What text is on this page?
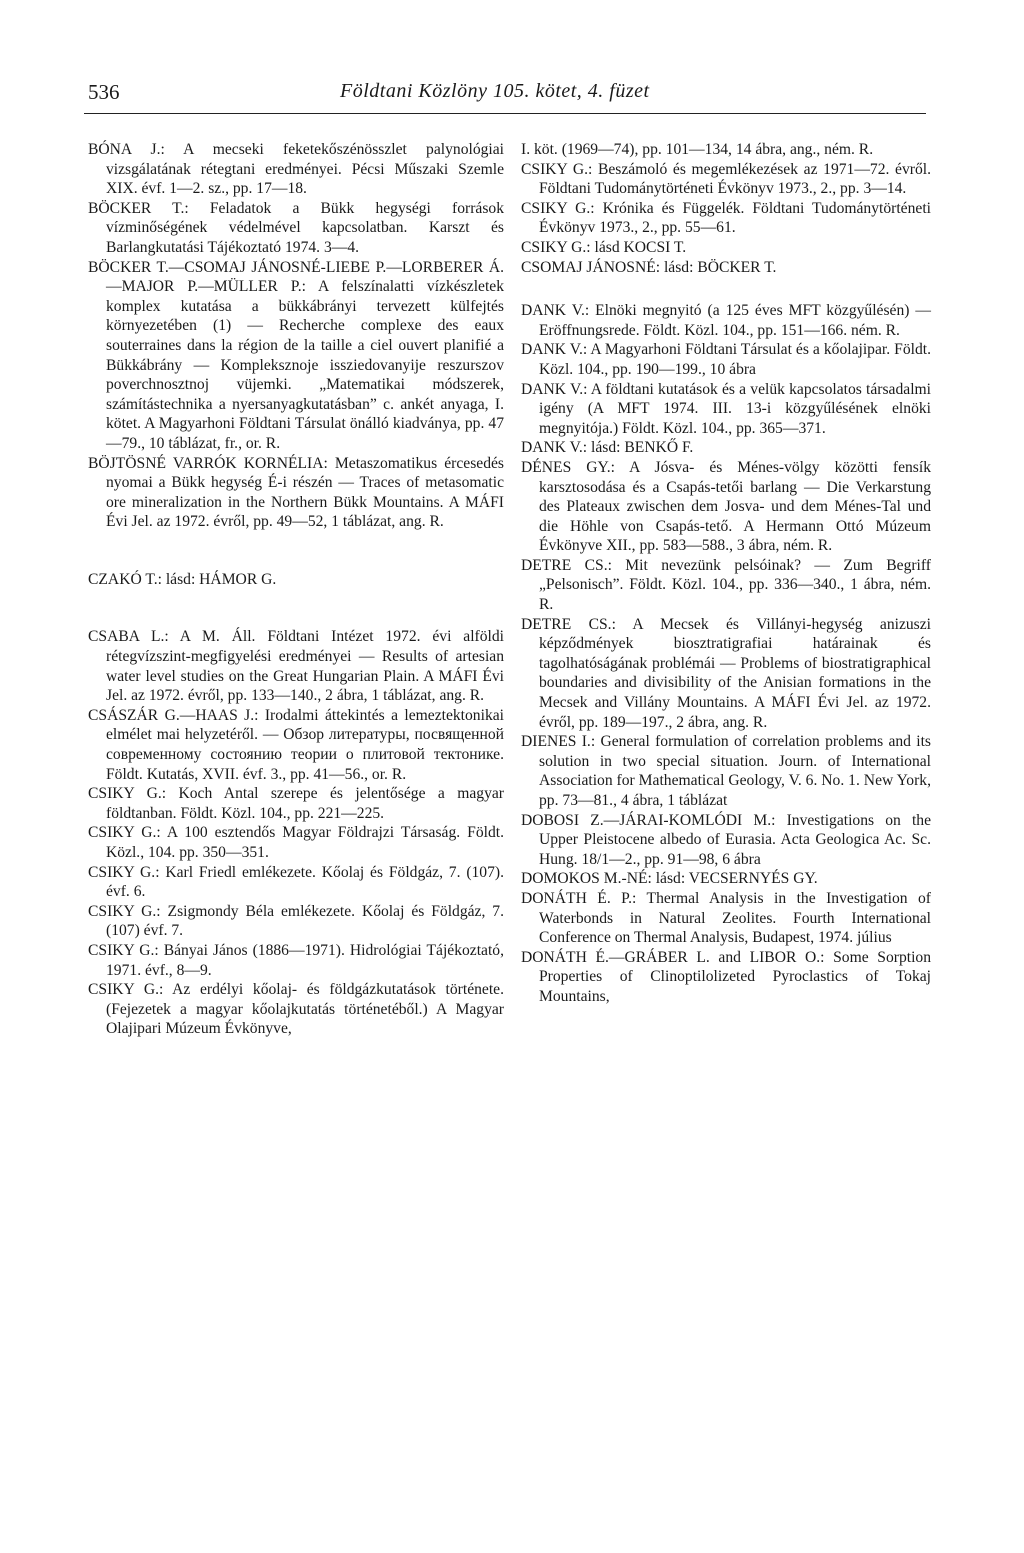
536	Földtani Közlöny 105. kötet, 4. füzet

BÓNA J.: A mecseki feketekőszénösszlet palynológiai vizsgálatának rétegtani eredményei. Pécsi Műszaki Szemle XIX. évf. 1—2. sz., pp. 17—18.

BÖCKER T.: Feladatok a Bükk hegységi források vízminőségének védelmével kapcsolatban. Karszt és Barlangkutatási Tájékoztató 1974. 3—4.

BÖCKER T.—CSOMAJ JÁNOSNÉ-LIEBE P.—LORBERER Á.—MAJOR P.—MÜLLER P.: A felszínalatti vízkészletek komplex kutatása a bükkábrányi tervezett külfejtés környezetében (1) — Recherche complexe des eaux souterraines dans la région de la taille a ciel ouvert planifié a Bükkábrány — Kompleksznoje issziedovanyije reszurszov poverchnosztnoj vüjemki. „Matematikai módszerek, számítástechnika a nyersanyagkutatásban” c. ankét anyaga, I. kötet. A Magyarhoni Földtani Társulat önálló kiadványa, pp. 47—79., 10 táblázat, fr., or. R.

BÖJTÖSNÉ VARRÓK KORNÉLIA: Metaszomatikus ércesedés nyomai a Bükk hegység É-i részén — Traces of metasomatic ore mineralization in the Northern Bükk Mountains. A MÁFI Évi Jel. az 1972. évről, pp. 49—52, 1 táblázat, ang. R.

CZAKÓ T.: lásd: HÁMOR G.

CSABA L.: A M. Áll. Földtani Intézet 1972. évi alföldi rétegvízszint-megfigyelési eredményei — Results of artesian water level studies on the Great Hungarian Plain. A MÁFI Évi Jel. az 1972. évről, pp. 133—140., 2 ábra, 1 táblázat, ang. R.

CSÁSZÁR G.—HAAS J.: Irodalmi áttekintés a lemeztektonikai elmélet mai helyzetéről. — Обзор литературы, посвященной современному состоянию теории о плитовой тектонике. Földt. Kutatás, XVII. évf. 3., pp. 41—56., or. R.

CSIKY G.: Koch Antal szerepe és jelentősége a magyar földtanban. Földt. Közl. 104., pp. 221—225.

CSIKY G.: A 100 esztendős Magyar Földrajzi Társaság. Földt. Közl., 104. pp. 350—351.

CSIKY G.: Karl Friedl emlékezete. Kőolaj és Földgáz, 7. (107). évf. 6.

CSIKY G.: Zsigmondy Béla emlékezete. Kőolaj és Földgáz, 7. (107) évf. 7.

CSIKY G.: Bányai János (1886—1971). Hidrológiai Tájékoztató, 1971. évf., 8—9.

CSIKY G.: Az erdélyi kőolaj- és földgázkutatások története. (Fejezetek a magyar kőolajkutatás történetéből.) A Magyar Olajipari Múzeum Évkönyve,

I. köt. (1969—74), pp. 101—134, 14 ábra, ang., ném. R.

CSIKY G.: Beszámoló és megemlékezések az 1971—72. évről. Földtani Tudománytörténeti Évkönyv 1973., 2., pp. 3—14.

CSIKY G.: Krónika és Függelék. Földtani Tudománytörténeti Évkönyv 1973., 2., pp. 55—61.

CSIKY G.: lásd KOCSI T.

CSOMAJ JÁNOSNÉ: lásd: BÖCKER T.

DANK V.: Elnöki megnyitó (a 125 éves MFT közgyűlésén) — Eröffnungsrede. Földt. Közl. 104., pp. 151—166. ném. R.

DANK V.: A Magyarhoni Földtani Társulat és a kőolajipar. Földt. Közl. 104., pp. 190—199., 10 ábra

DANK V.: A földtani kutatások és a velük kapcsolatos társadalmi igény (A MFT 1974. III. 13-i közgyűlésének elnöki megnyitója.) Földt. Közl. 104., pp. 365—371.

DANK V.: lásd: BENKŐ F.

DÉNES GY.: A Jósva- és Ménes-völgy közötti fensík karsztosodása és a Csapás-tetői barlang — Die Verkarstung des Plateaux zwischen dem Josva- und dem Ménes-Tal und die Höhle von Csapás-tető. A Hermann Ottó Múzeum Évkönyve XII., pp. 583—588., 3 ábra, ném. R.

DETRE CS.: Mit nevezünk pelsóinak? — Zum Begriff „Pelsonisch”. Földt. Közl. 104., pp. 336—340., 1 ábra, ném. R.

DETRE CS.: A Mecsek és Villányi-hegység anizuszi képződmények biosztratigrafiai határainak és tagolhatóságának problémái — Problems of biostratigraphical boundaries and divisibility of the Anisian formations in the Mecsek and Villány Mountains. A MÁFI Évi Jel. az 1972. évről, pp. 189—197., 2 ábra, ang. R.

DIENES I.: General formulation of correlation problems and its solution in two special situation. Journ. of International Association for Mathematical Geology, V. 6. No. 1. New York, pp. 73—81., 4 ábra, 1 táblázat

DOBOSI Z.—JÁRAI-KOMLÓDI M.: Investigations on the Upper Pleistocene albedo of Eurasia. Acta Geologica Ac. Sc. Hung. 18/1—2., pp. 91—98, 6 ábra

DOMOKOS M.-NÉ: lásd: VECSERNYÉS GY.

DONÁTH É. P.: Thermal Analysis in the Investigation of Waterbonds in Natural Zeolites. Fourth International Conference on Thermal Analysis, Budapest, 1974. július

DONÁTH É.—GRÁBER L. and LIBOR O.: Some Sorption Properties of Clinoptilolizeted Pyroclastics of Tokaj Mountains,
